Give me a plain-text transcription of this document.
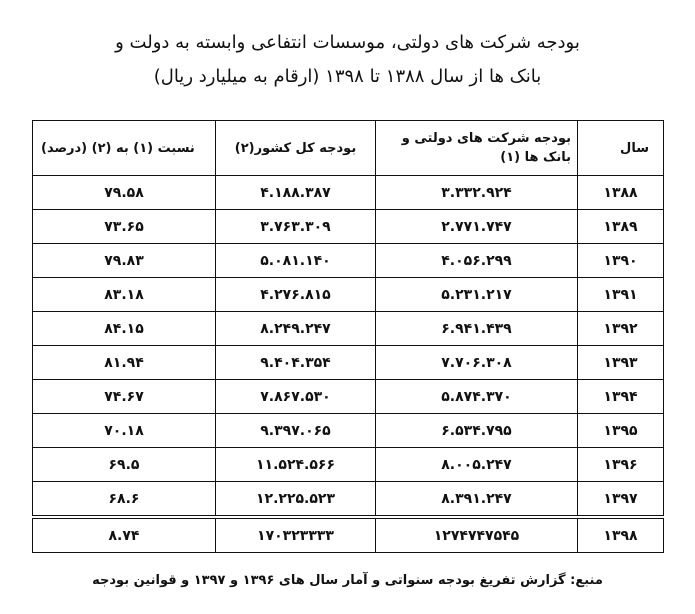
بودجه شرکت های دولتی، موسسات انتفاعی وابسته به دولت و
بانک ها از سال ۱۳۸۸ تا ۱۳۹۸ (ارقام به میلیارد ریال)
سال	بودجه شرکت های دولتی و بانک ها (۱)	بودجه کل کشور(۲)	نسبت (۱) به (۲) (درصد)
۱۳۸۸	۳.۳۳۲.۹۲۴	۴.۱۸۸.۳۸۷	۷۹.۵۸
۱۳۸۹	۲.۷۷۱.۷۴۷	۳.۷۶۳.۳۰۹	۷۳.۶۵
۱۳۹۰	۴.۰۵۶.۲۹۹	۵.۰۸۱.۱۴۰	۷۹.۸۳
۱۳۹۱	۵.۲۳۱.۲۱۷	۴.۲۷۶.۸۱۵	۸۳.۱۸
۱۳۹۲	۶.۹۴۱.۴۳۹	۸.۲۴۹.۲۴۷	۸۴.۱۵
۱۳۹۳	۷.۷۰۶.۳۰۸	۹.۴۰۴.۳۵۴	۸۱.۹۴
۱۳۹۴	۵.۸۷۴.۳۷۰	۷.۸۶۷.۵۳۰	۷۴.۶۷
۱۳۹۵	۶.۵۳۴.۷۹۵	۹.۳۹۷.۰۶۵	۷۰.۱۸
۱۳۹۶	۸.۰۰۵.۲۴۷	۱۱.۵۲۴.۵۶۶	۶۹.۵
۱۳۹۷	۸.۳۹۱.۲۴۷	۱۲.۲۲۵.۵۲۳	۶۸.۶
۱۳۹۸	۱۲۷۴۷۴۷۵۴۵	۱۷۰۳۲۳۳۳۳	۸.۷۴
منبع: گزارش تفریغ بودجه سنواتی و آمار سال های ۱۳۹۶ و ۱۳۹۷ و قوانین بودجه
